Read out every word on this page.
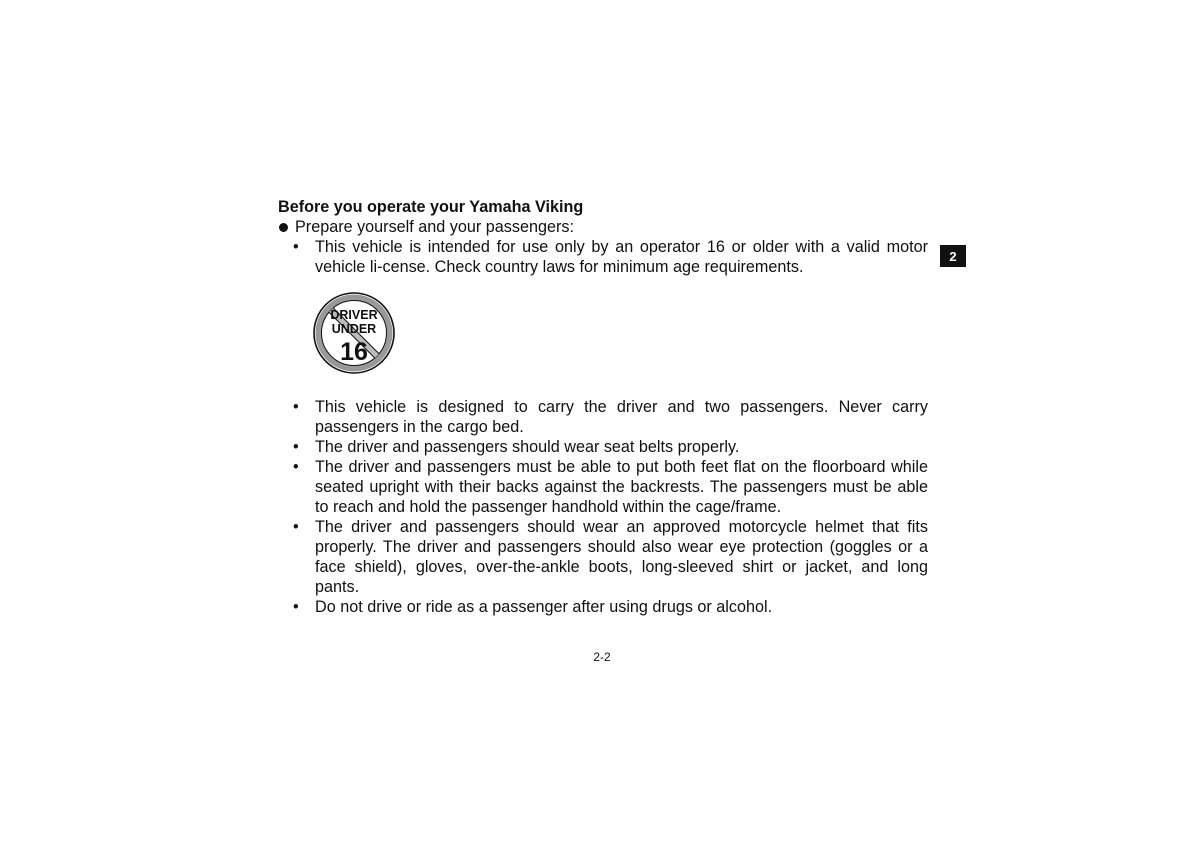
Before you operate your Yamaha Viking
Prepare yourself and your passengers:
• This vehicle is intended for use only by an operator 16 or older with a valid motor vehicle li-cense. Check country laws for minimum age requirements.
DRIVER
UNDER
16
• This vehicle is designed to carry the driver and two passengers. Never carry passengers in the cargo bed.
• The driver and passengers should wear seat belts properly.
• The driver and passengers must be able to put both feet flat on the floorboard while seated upright with their backs against the backrests. The passengers must be able to reach and hold the passenger handhold within the cage/frame.
• The driver and passengers should wear an approved motorcycle helmet that fits properly. The driver and passengers should also wear eye protection (goggles or a face shield), gloves, over-the-ankle boots, long-sleeved shirt or jacket, and long pants.
• Do not drive or ride as a passenger after using drugs or alcohol.
2
2-2
